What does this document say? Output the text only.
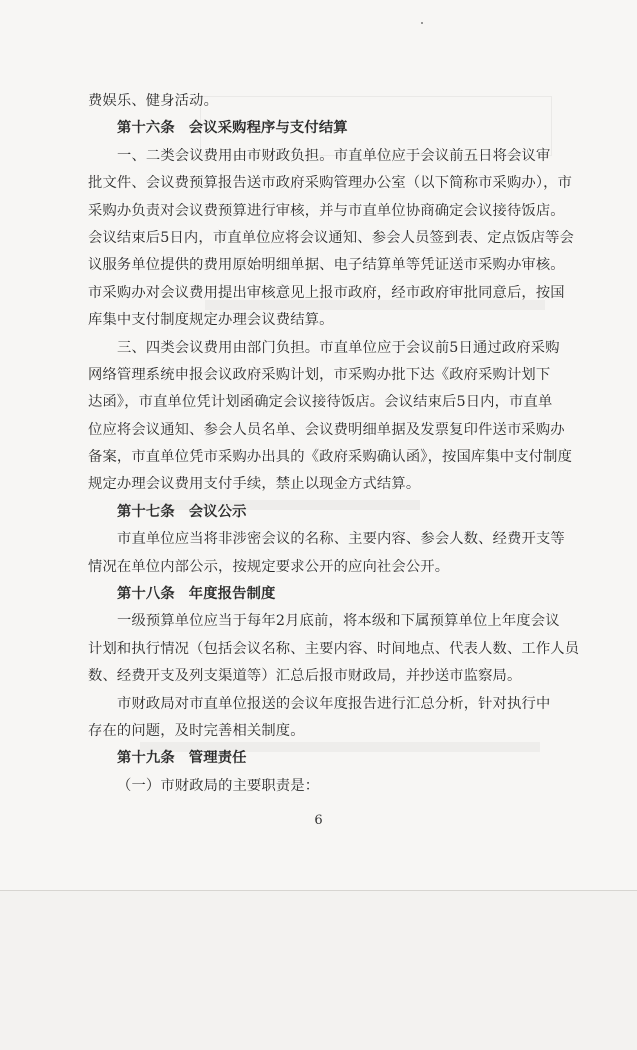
费娱乐、健身活动。
第十六条 会议采购程序与支付结算
一、二类会议费用由市财政负担。市直单位应于会议前五日将会议审
批文件、会议费预算报告送市政府采购管理办公室（以下简称市采购办），市
采购办负责对会议费预算进行审核，并与市直单位协商确定会议接待饭店。
会议结束后5日内，市直单位应将会议通知、参会人员签到表、定点饭店等会
议服务单位提供的费用原始明细单据、电子结算单等凭证送市采购办审核。
市采购办对会议费用提出审核意见上报市政府，经市政府审批同意后，按国
库集中支付制度规定办理会议费结算。
三、四类会议费用由部门负担。市直单位应于会议前5日通过政府采购
网络管理系统申报会议政府采购计划，市采购办批下达《政府采购计划下
达函》，市直单位凭计划函确定会议接待饭店。会议结束后5日内，市直单
位应将会议通知、参会人员名单、会议费明细单据及发票复印件送市采购办
备案，市直单位凭市采购办出具的《政府采购确认函》，按国库集中支付制度
规定办理会议费用支付手续，禁止以现金方式结算。
第十七条 会议公示
市直单位应当将非涉密会议的名称、主要内容、参会人数、经费开支等
情况在单位内部公示，按规定要求公开的应向社会公开。
第十八条 年度报告制度
一级预算单位应当于每年2月底前，将本级和下属预算单位上年度会议
计划和执行情况（包括会议名称、主要内容、时间地点、代表人数、工作人员
数、经费开支及列支渠道等）汇总后报市财政局，并抄送市监察局。
市财政局对市直单位报送的会议年度报告进行汇总分析，针对执行中
存在的问题，及时完善相关制度。
第十九条 管理责任
（一）市财政局的主要职责是：
6
